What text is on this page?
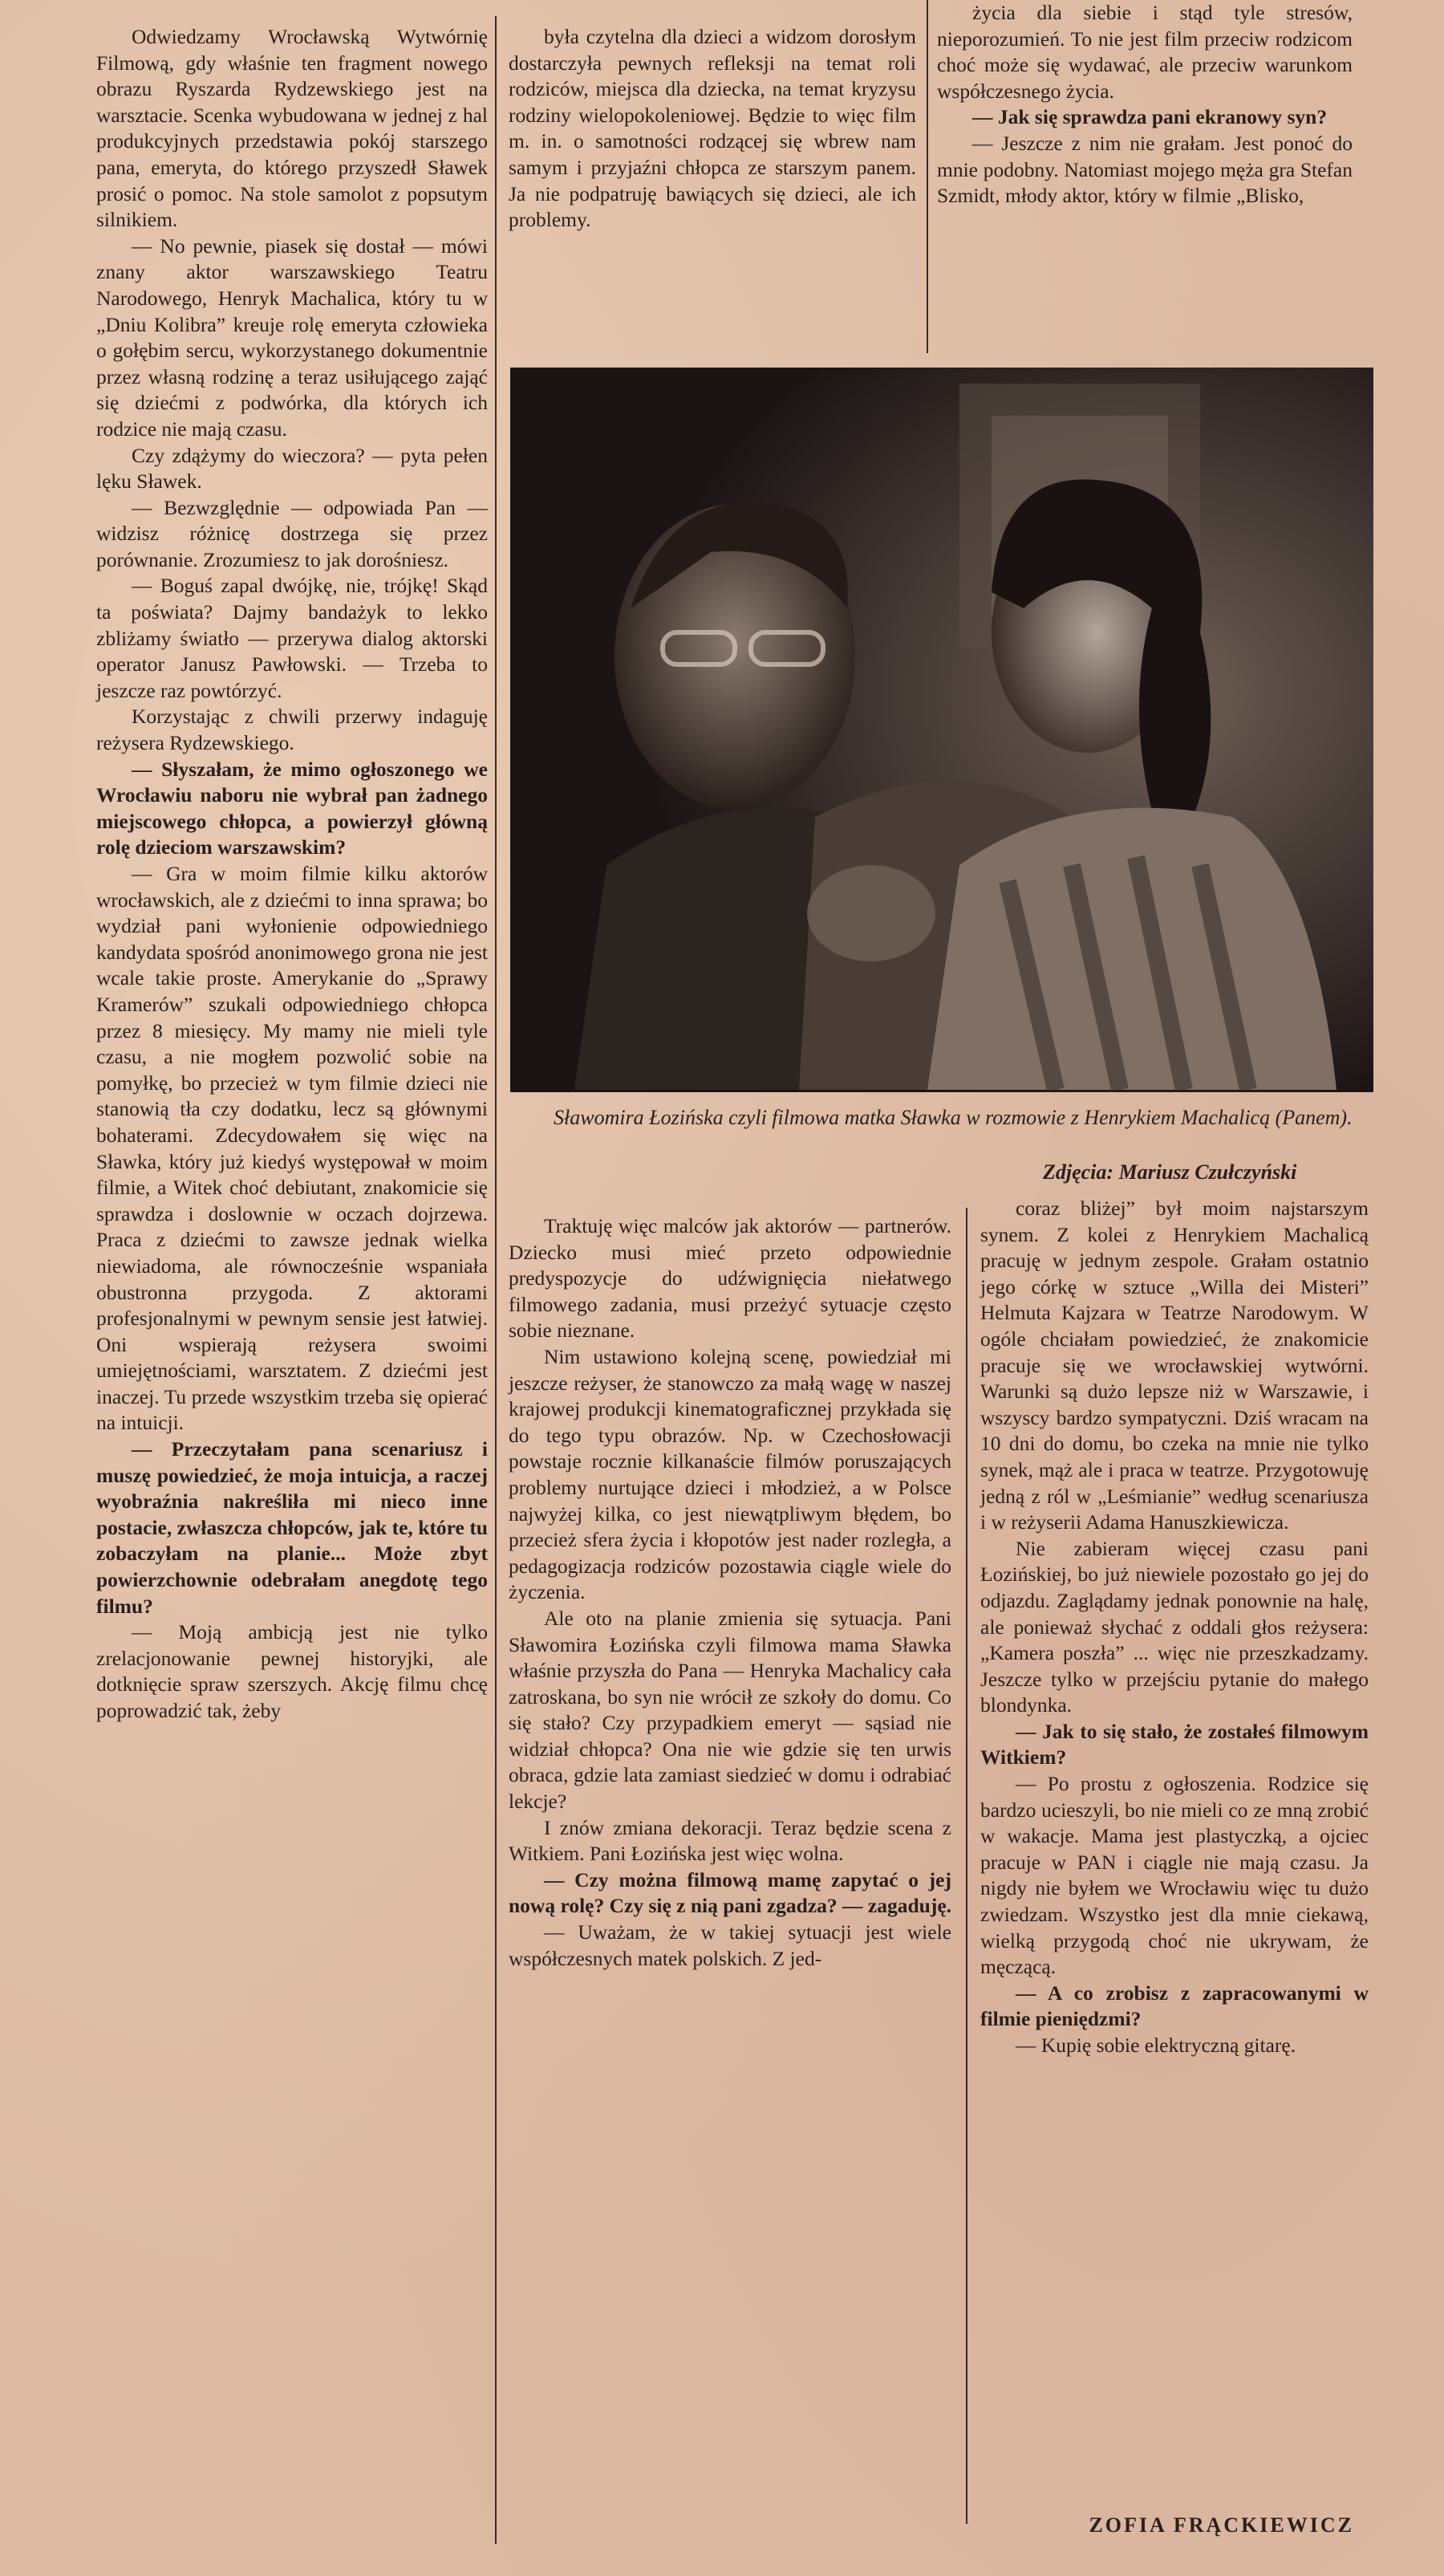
Odwiedzamy Wrocławską Wytwórnię Filmową, gdy właśnie ten fragment nowego obrazu Ryszarda Rydzewskiego jest na warsztacie. Scenka wybudowana w jednej z hal produkcyjnych przedstawia pokój starszego pana, emeryta, do którego przyszedł Sławek prosić o pomoc. Na stole samolot z popsutym silnikiem.

— No pewnie, piasek się dostał — mówi znany aktor warszawskiego Teatru Narodowego, Henryk Machalica, który tu w „Dniu Kolibra” kreuje rolę emeryta człowieka o gołębim sercu, wykorzystanego dokumentnie przez własną rodzinę a teraz usiłującego zająć się dziećmi z podwórka, dla których ich rodzice nie mają czasu.

Czy zdążymy do wieczora? — pyta pełen lęku Sławek.

— Bezwzględnie — odpowiada Pan — widzisz różnicę dostrzega się przez porównanie. Zrozumiesz to jak dorośniesz.

— Boguś zapal dwójkę, nie, trójkę! Skąd ta poświata? Dajmy bandażyk to lekko zbliżamy światło — przerywa dialog aktorski operator Janusz Pawłowski. — Trzeba to jeszcze raz powtórzyć.

Korzystając z chwili przerwy indaguję reżysera Rydzewskiego.

— Słyszałam, że mimo ogłoszonego we Wrocławiu naboru nie wybrał pan żadnego miejscowego chłopca, a powierzył główną rolę dzieciom warszawskim?

— Gra w moim filmie kilku aktorów wrocławskich, ale z dziećmi to inna sprawa; bo wydział pani wyłonienie odpowiedniego kandydata spośród anonimowego grona nie jest wcale takie proste. Amerykanie do „Sprawy Kramerów” szukali odpowiedniego chłopca przez 8 miesięcy. My mamy nie mieli tyle czasu, a nie mogłem pozwolić sobie na pomyłkę, bo przecież w tym filmie dzieci nie stanowią tła czy dodatku, lecz są głównymi bohaterami. Zdecydowałem się więc na Sławka, który już kiedyś występował w moim filmie, a Witek choć debiutant, znakomicie się sprawdza i doslownie w oczach dojrzewa. Praca z dziećmi to zawsze jednak wielka niewiadoma, ale równocześnie wspaniała obustronna przygoda. Z aktorami profesjonalnymi w pewnym sensie jest łatwiej. Oni wspierają reżysera swoimi umiejętnościami, warsztatem. Z dziećmi jest inaczej. Tu przede wszystkim trzeba się opierać na intuicji.

— Przeczytałam pana scenariusz i muszę powiedzieć, że moja intuicja, a raczej wyobraźnia nakreśliła mi nieco inne postacie, zwłaszcza chłopców, jak te, które tu zobaczyłam na planie... Może zbyt powierzchownie odebrałam anegdotę tego filmu?

— Moją ambicją jest nie tylko zrelacjonowanie pewnej historyjki, ale dotknięcie spraw szerszych. Akcję filmu chcę poprowadzić tak, żeby

była czytelna dla dzieci a widzom dorosłym dostarczyła pewnych refleksji na temat roli rodziców, miejsca dla dziecka, na temat kryzysu rodziny wielopokoleniowej. Będzie to więc film m. in. o samotności rodzącej się wbrew nam samym i przyjaźni chłopca ze starszym panem. Ja nie podpatruję bawiących się dzieci, ale ich problemy.

Sławomira Łozińska czyli filmowa matka Sławka w rozmowie z Henrykiem Machalicą (Panem).
Zdjęcia: Mariusz Czułczyński

Traktuję więc malców jak aktorów — partnerów. Dziecko musi mieć przeto odpowiednie predyspozycje do udźwignięcia niełatwego filmowego zadania, musi przeżyć sytuacje często sobie nieznane.

Nim ustawiono kolejną scenę, powiedział mi jeszcze reżyser, że stanowczo za małą wagę w naszej krajowej produkcji kinematograficznej przykłada się do tego typu obrazów. Np. w Czechosłowacji powstaje rocznie kilkanaście filmów poruszających problemy nurtujące dzieci i młodzież, a w Polsce najwyżej kilka, co jest niewątpliwym błędem, bo przecież sfera życia i kłopotów jest nader rozległa, a pedagogizacja rodziców pozostawia ciągle wiele do życzenia.

Ale oto na planie zmienia się sytuacja. Pani Sławomira Łozińska czyli filmowa mama Sławka właśnie przyszła do Pana — Henryka Machalicy cała zatroskana, bo syn nie wrócił ze szkoły do domu. Co się stało? Czy przypadkiem emeryt — sąsiad nie widział chłopca? Ona nie wie gdzie się ten urwis obraca, gdzie lata zamiast siedzieć w domu i odrabiać lekcje?

I znów zmiana dekoracji. Teraz będzie scena z Witkiem. Pani Łozińska jest więc wolna.

— Czy można filmową mamę zapytać o jej nową rolę? Czy się z nią pani zgadza? — zagaduję.

— Uważam, że w takiej sytuacji jest wiele współczesnych matek polskich. Z jed-

życia dla siebie i stąd tyle stresów, nieporozumień. To nie jest film przeciw rodzicom choć może się wydawać, ale przeciw warunkom współczesnego życia.

— Jak się sprawdza pani ekranowy syn?

— Jeszcze z nim nie grałam. Jest ponoć do mnie podobny. Natomiast mojego męża gra Stefan Szmidt, młody aktor, który w filmie „Blisko,

coraz bliżej” był moim najstarszym synem. Z kolei z Henrykiem Machalicą pracuję w jednym zespole. Grałam ostatnio jego córkę w sztuce „Willa dei Misteri” Helmuta Kajzara w Teatrze Narodowym. W ogóle chciałam powiedzieć, że znakomicie pracuje się we wrocławskiej wytwórni. Warunki są dużo lepsze niż w Warszawie, i wszyscy bardzo sympatyczni. Dziś wracam na 10 dni do domu, bo czeka na mnie nie tylko synek, mąż ale i praca w teatrze. Przygotowuję jedną z ról w „Leśmianie” według scenariusza i w reżyserii Adama Hanuszkiewicza.

Nie zabieram więcej czasu pani Łozińskiej, bo już niewiele pozostało go jej do odjazdu. Zaglądamy jednak ponownie na halę, ale ponieważ słychać z oddali głos reżysera: „Kamera poszła” ... więc nie przeszkadzamy. Jeszcze tylko w przejściu pytanie do małego blondynka.

— Jak to się stało, że zostałeś filmowym Witkiem?

— Po prostu z ogłoszenia. Rodzice się bardzo ucieszyli, bo nie mieli co ze mną zrobić w wakacje. Mama jest plastyczką, a ojciec pracuje w PAN i ciągle nie mają czasu. Ja nigdy nie byłem we Wrocławiu więc tu dużo zwiedzam. Wszystko jest dla mnie ciekawą, wielką przygodą choć nie ukrywam, że męczącą.

— A co zrobisz z zapracowanymi w filmie pieniędzmi?

— Kupię sobie elektryczną gitarę.

ZOFIA FRĄCKIEWICZ
